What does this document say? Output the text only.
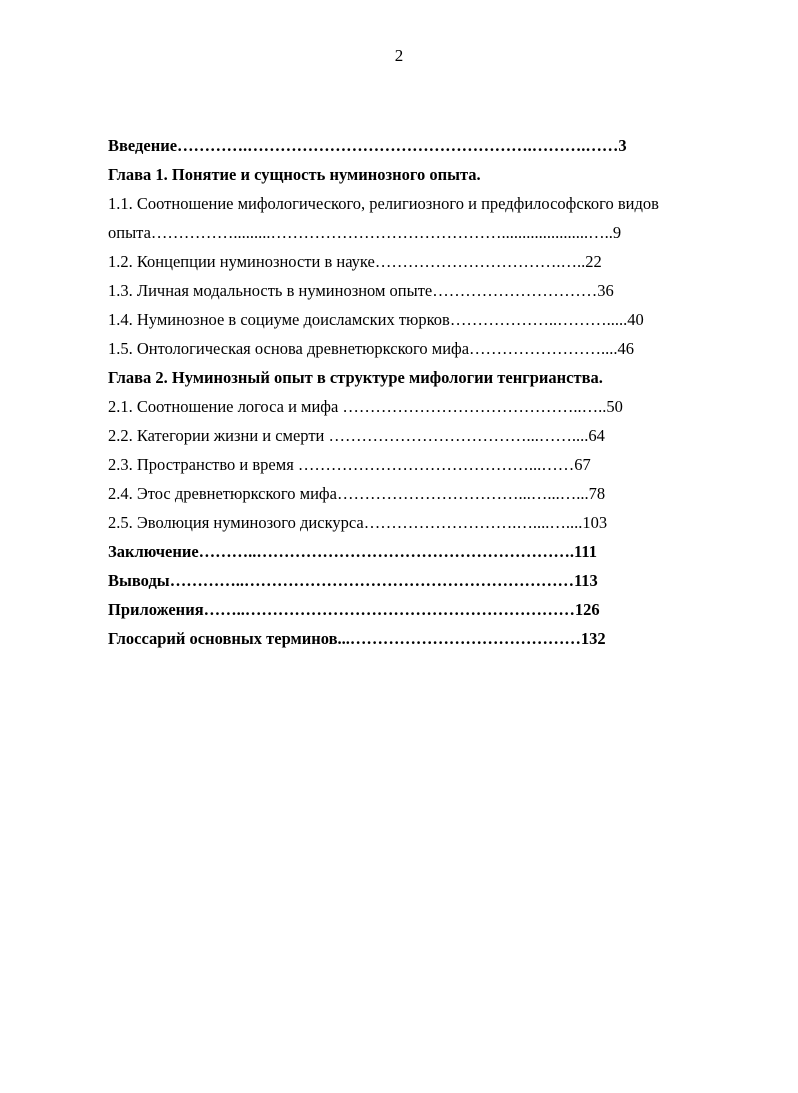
2
Введение………….…………………………………………….……….……3
Глава 1. Понятие и сущность нуминозного опыта.
1.1. Соотношение мифологического, религиозного и предфилософского видов
опыта…………….........…………………………………….....................…..9
1.2. Концепции нуминозности в науке…………………………….…..22
1.3. Личная модальность в нуминозном опыте…………………………36
1.4. Нуминозное в социуме доисламских тюрков………………..……….....40
1.5. Онтологическая основа древнетюркского мифа……………………....46
Глава 2. Нуминозный опыт в структуре мифологии тенгрианства.
2.1. Соотношение логоса и мифа ……………………………………..…..50
2.2. Категории жизни и смерти ………………………………...……....64
2.3. Пространство и время ……………………………………...……67
2.4. Этос древнетюркского мифа……………………………...…...…...78
2.5. Эволюция нуминозого дискурса……………………….…....…....103
Заключение………..………………………………………………….111
Выводы…………..……………………………………………………113
Приложения……..……………………………………………………126
Глоссарий основных терминов...……………………………………132
